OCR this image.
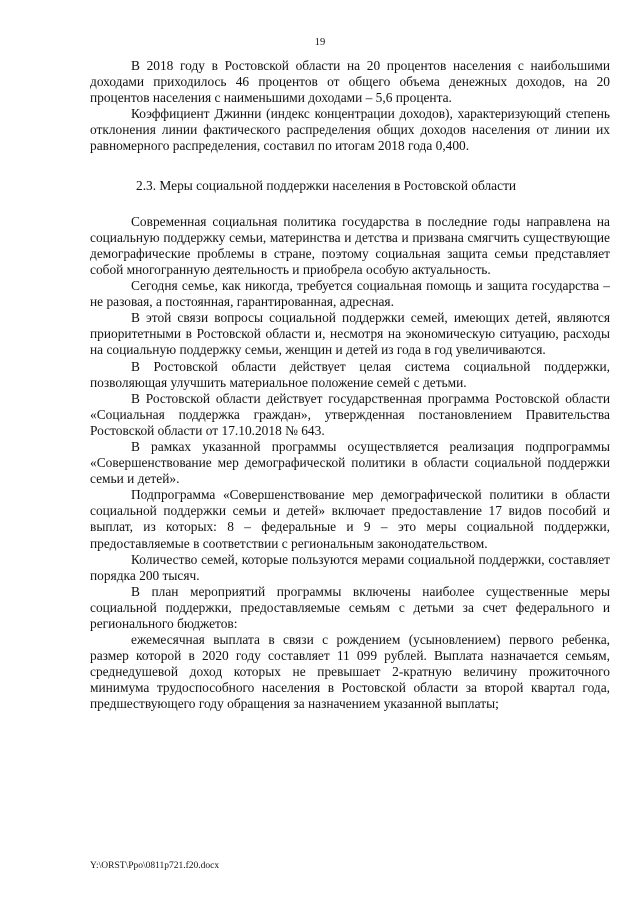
19

В 2018 году в Ростовской области на 20 процентов населения с наибольшими доходами приходилось 46 процентов от общего объема денежных доходов, на 20 процентов населения с наименьшими доходами – 5,6 процента.

Коэффициент Джинни (индекс концентрации доходов), характеризующий степень отклонения линии фактического распределения общих доходов населения от линии их равномерного распределения, составил по итогам 2018 года 0,400.

2.3. Меры социальной поддержки населения в Ростовской области

Современная социальная политика государства в последние годы направлена на социальную поддержку семьи, материнства и детства и призвана смягчить существующие демографические проблемы в стране, поэтому социальная защита семьи представляет собой многогранную деятельность и приобрела особую актуальность.

Сегодня семье, как никогда, требуется социальная помощь и защита государства – не разовая, а постоянная, гарантированная, адресная.

В этой связи вопросы социальной поддержки семей, имеющих детей, являются приоритетными в Ростовской области и, несмотря на экономическую ситуацию, расходы на социальную поддержку семьи, женщин и детей из года в год увеличиваются.

В Ростовской области действует целая система социальной поддержки, позволяющая улучшить материальное положение семей с детьми.

В Ростовской области действует государственная программа Ростовской области «Социальная поддержка граждан», утвержденная постановлением Правительства Ростовской области от 17.10.2018 № 643.

В рамках указанной программы осуществляется реализация подпрограммы «Совершенствование мер демографической политики в области социальной поддержки семьи и детей».

Подпрограмма «Совершенствование мер демографической политики в области социальной поддержки семьи и детей» включает предоставление 17 видов пособий и выплат, из которых: 8 – федеральные и 9 – это меры социальной поддержки, предоставляемые в соответствии с региональным законодательством.

Количество семей, которые пользуются мерами социальной поддержки, составляет порядка 200 тысяч.

В план мероприятий программы включены наиболее существенные меры социальной поддержки, предоставляемые семьям с детьми за счет федерального и регионального бюджетов:

ежемесячная выплата в связи с рождением (усыновлением) первого ребенка, размер которой в 2020 году составляет 11 099 рублей. Выплата назначается семьям, среднедушевой доход которых не превышает 2-кратную величину прожиточного минимума трудоспособного населения в Ростовской области за второй квартал года, предшествующего году обращения за назначением указанной выплаты;

Y:\ORST\Ppo\0811p721.f20.docx
